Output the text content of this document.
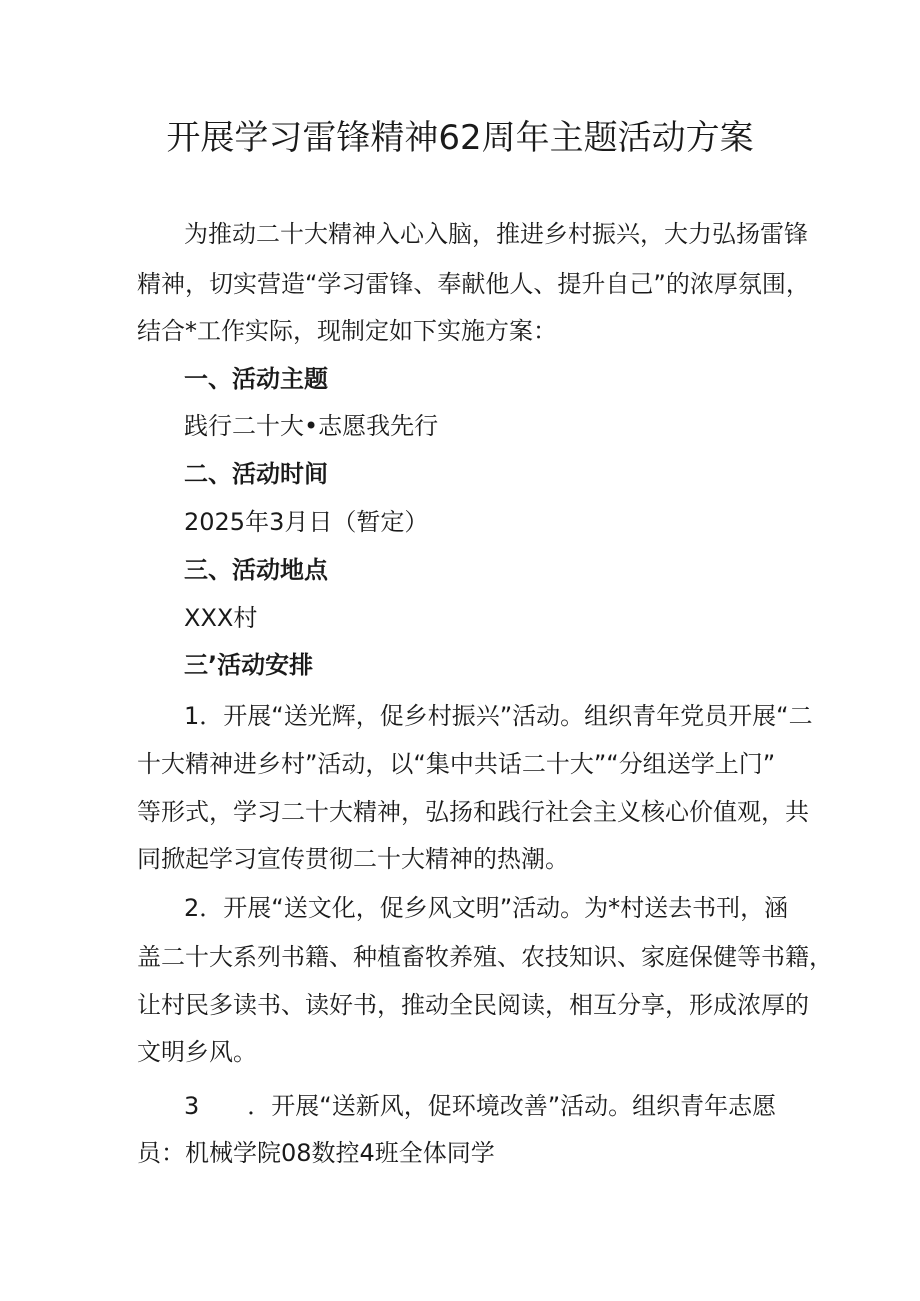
开展学习雷锋精神62周年主题活动方案
为推动二十大精神入心入脑，推进乡村振兴，大力弘扬雷锋
精神，切实营造“学习雷锋、奉献他人、提升自己”的浓厚氛围，
结合*工作实际，现制定如下实施方案：
一、活动主题
践行二十大•志愿我先行
二、活动时间
2025年3月日（暂定）
三、活动地点
XXX村
三’活动安排
1．开展“送光辉，促乡村振兴”活动。组织青年党员开展“二
十大精神进乡村”活动，以“集中共话二十大”“分组送学上门”
等形式，学习二十大精神，弘扬和践行社会主义核心价值观，共
同掀起学习宣传贯彻二十大精神的热潮。
2．开展“送文化，促乡风文明”活动。为*村送去书刊，涵
盖二十大系列书籍、种植畜牧养殖、农技知识、家庭保健等书籍，
让村民多读书、读好书，推动全民阅读，相互分享，形成浓厚的
文明乡风。
3　　．开展“送新风，促环境改善”活动。组织青年志愿
员：机械学院08数控4班全体同学
